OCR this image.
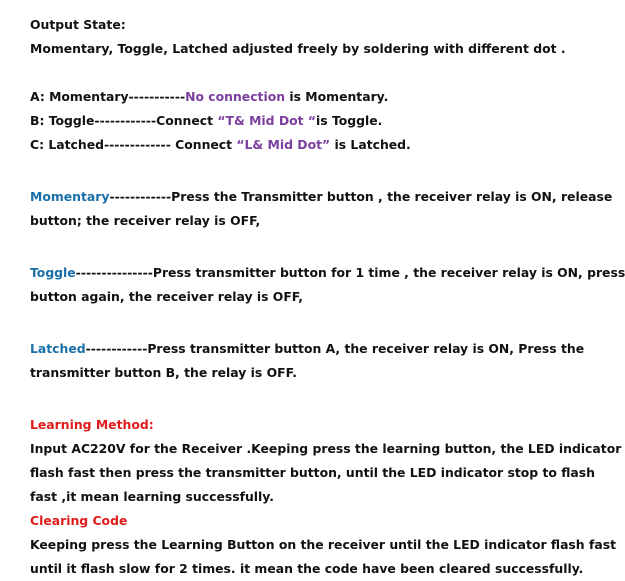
Output State:
Momentary, Toggle, Latched adjusted freely by soldering with different dot .
A: Momentary-----------No connection is Momentary.
B: Toggle------------Connect “T& Mid Dot “is Toggle.
C: Latched------------- Connect “L& Mid Dot” is Latched.
Momentary------------Press the Transmitter button , the receiver relay is ON, release
button; the receiver relay is OFF,
Toggle---------------Press transmitter button for 1 time , the receiver relay is ON, press
button again, the receiver relay is OFF,
Latched------------Press transmitter button A, the receiver relay is ON, Press the
transmitter button B, the relay is OFF.
Learning Method:
Input AC220V for the Receiver .Keeping press the learning button, the LED indicator
flash fast then press the transmitter button, until the LED indicator stop to flash
fast ,it mean learning successfully.
Clearing Code
Keeping press the Learning Button on the receiver until the LED indicator flash fast
until it flash slow for 2 times. it mean the code have been cleared successfully.
